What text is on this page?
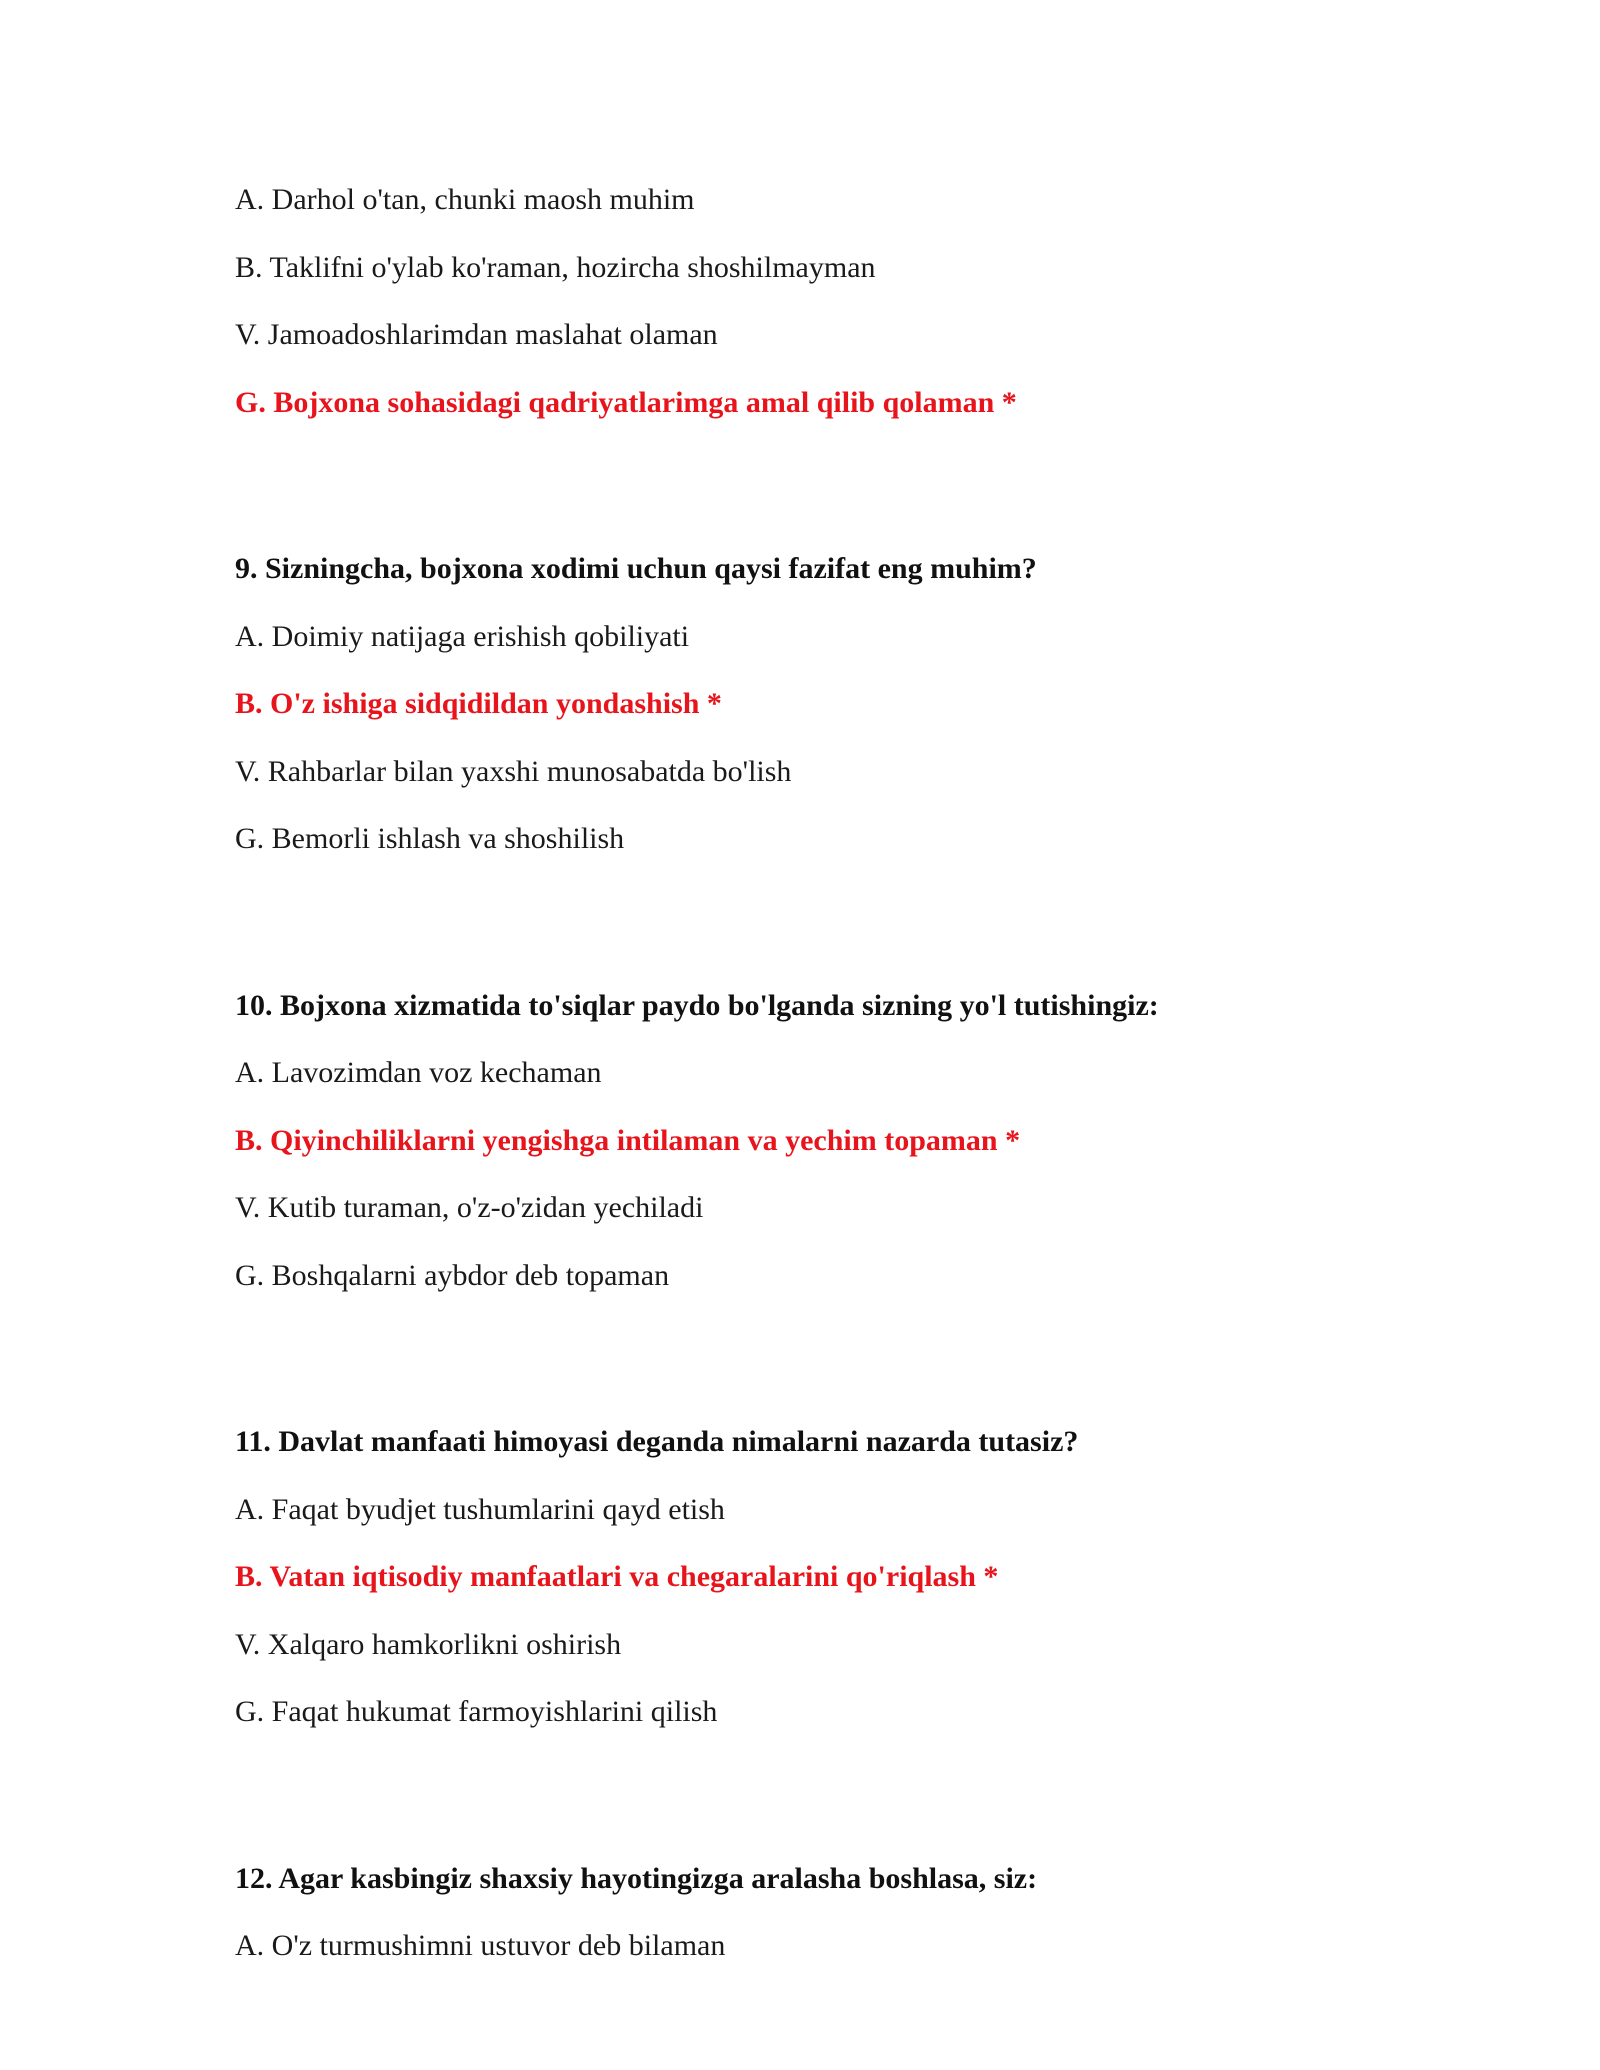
A. Darhol o'tan, chunki maosh muhim
B. Taklifni o'ylab ko'raman, hozircha shoshilmayman
V. Jamoadoshlarimdan maslahat olaman
G. Bojxona sohasidagi qadriyatlarimga amal qilib qolaman *
9. Sizningcha, bojxona xodimi uchun qaysi fazifat eng muhim?
A. Doimiy natijaga erishish qobiliyati
B. O'z ishiga sidqidildan yondashish *
V. Rahbarlar bilan yaxshi munosabatda bo'lish
G. Bemorli ishlash va shoshilish
10. Bojxona xizmatida to'siqlar paydo bo'lganda sizning yo'l tutishingiz:
A. Lavozimdan voz kechaman
B. Qiyinchiliklarni yengishga intilaman va yechim topaman *
V. Kutib turaman, o'z-o'zidan yechiladi
G. Boshqalarni aybdor deb topaman
11. Davlat manfaati himoyasi deganda nimalarni nazarda tutasiz?
A. Faqat byudjet tushumlarini qayd etish
B. Vatan iqtisodiy manfaatlari va chegaralarini qo'riqlash *
V. Xalqaro hamkorlikni oshirish
G. Faqat hukumat farmoyishlarini qilish
12. Agar kasbingiz shaxsiy hayotingizga aralasha boshlasa, siz:
A. O'z turmushimni ustuvor deb bilaman
